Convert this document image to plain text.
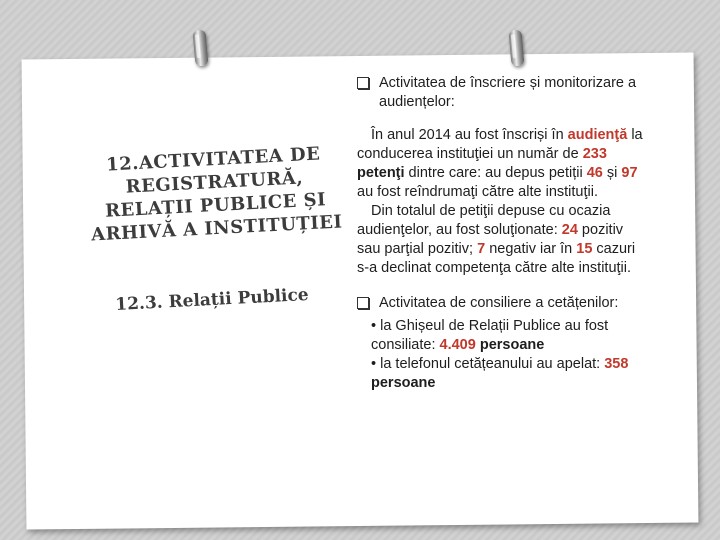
12.ACTIVITATEA DE REGISTRATURĂ, RELAȚII PUBLICE ȘI ARHIVĂ A INSTITUȚIEI
12.3. Relații Publice
Activitatea de înscriere și monitorizare a audiențelor:

În anul 2014 au fost înscriși în audienţă la conducerea instituţiei un număr de 233 petenţi dintre care: au depus petiții 46 și 97 au fost reîndrumaţi către alte instituţii.

Din totalul de petiţii depuse cu ocazia audienţelor, au fost soluţionate: 24 pozitiv sau parţial pozitiv; 7 negativ iar în 15 cazuri s-a declinat competenţa către alte instituţii.

Activitatea de consiliere a cetățenilor:
• la Ghișeul de Relații Publice au fost consiliate: 4.409 persoane
• la telefonul cetățeanului au apelat: 358 persoane
